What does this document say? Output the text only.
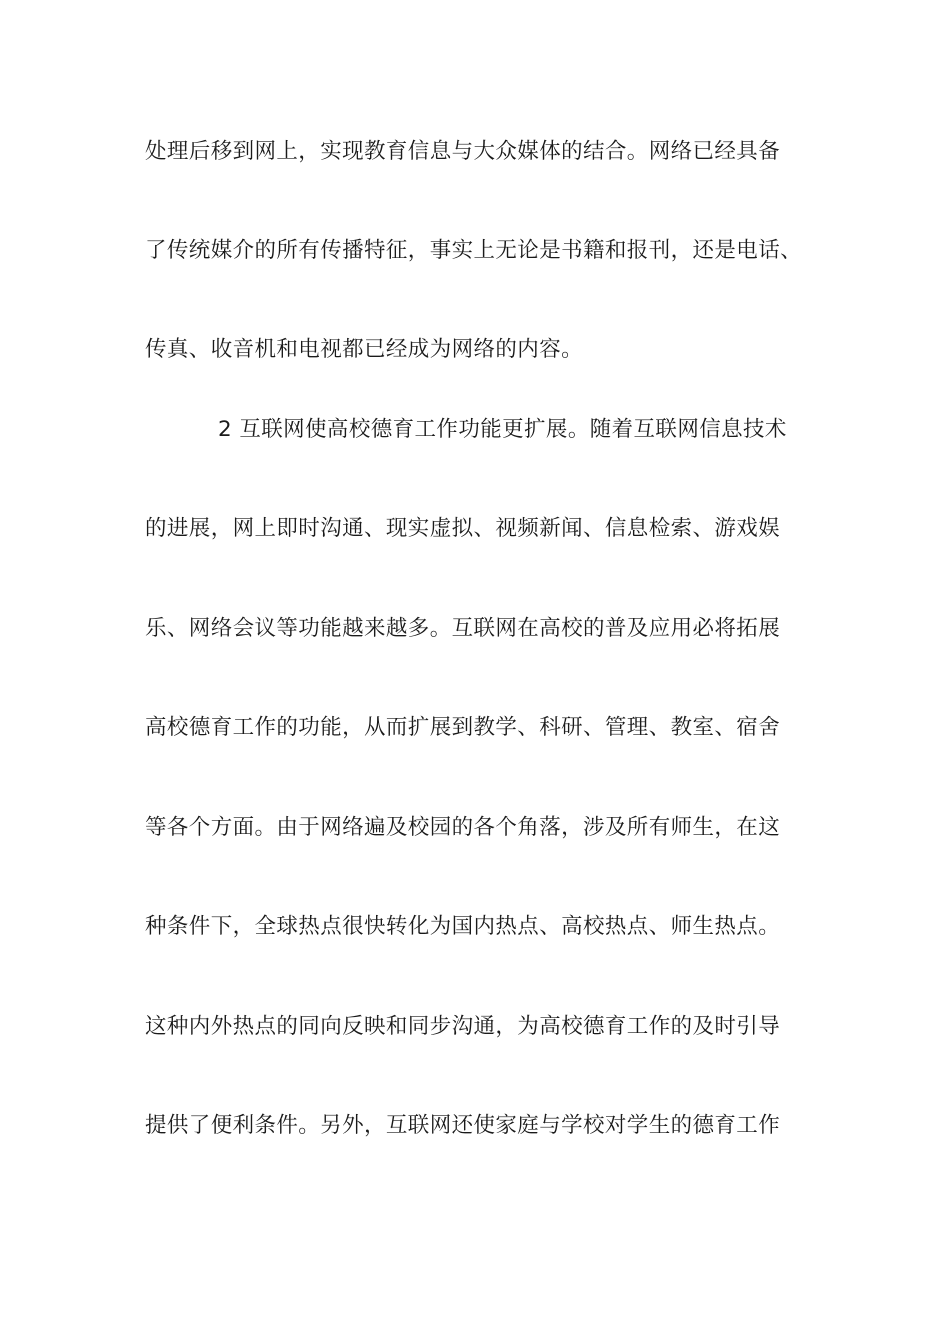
处理后移到网上，实现教育信息与大众媒体的结合。网络已经具备
了传统媒介的所有传播特征，事实上无论是书籍和报刊，还是电话、
传真、收音机和电视都已经成为网络的内容。
2 互联网使高校德育工作功能更扩展。随着互联网信息技术
的进展，网上即时沟通、现实虚拟、视频新闻、信息检索、游戏娱
乐、网络会议等功能越来越多。互联网在高校的普及应用必将拓展
高校德育工作的功能，从而扩展到教学、科研、管理、教室、宿舍
等各个方面。由于网络遍及校园的各个角落，涉及所有师生，在这
种条件下，全球热点很快转化为国内热点、高校热点、师生热点。
这种内外热点的同向反映和同步沟通，为高校德育工作的及时引导
提供了便利条件。另外，互联网还使家庭与学校对学生的德育工作
